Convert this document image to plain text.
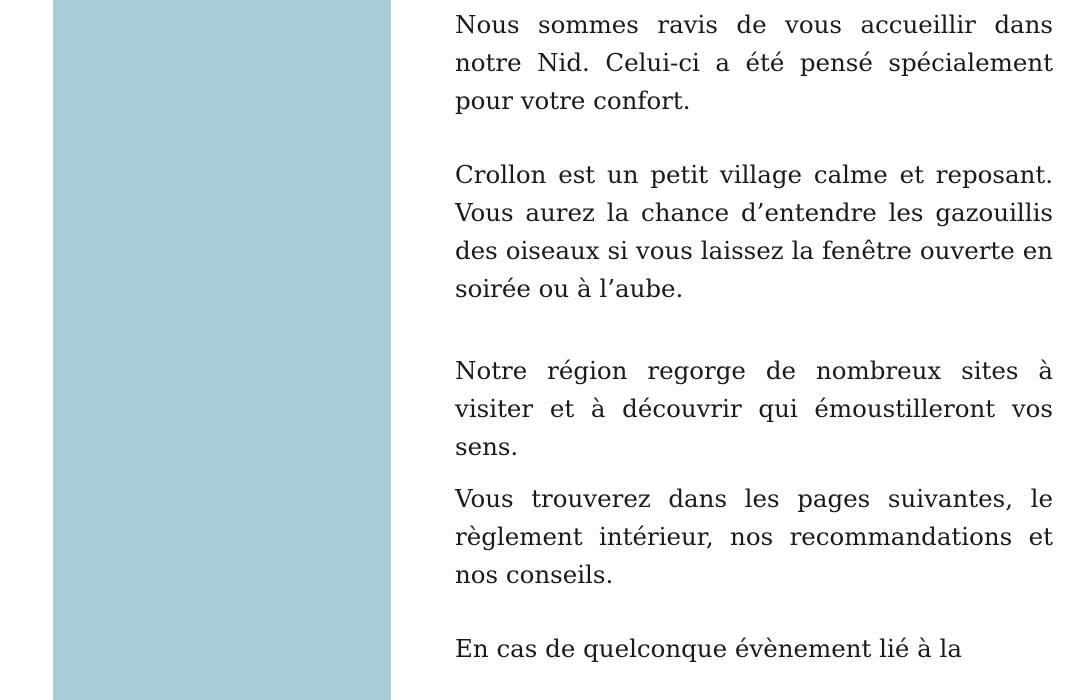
Nous sommes ravis de vous accueillir dans notre Nid. Celui-ci a été pensé spécialement pour votre confort.

Crollon est un petit village calme et reposant. Vous aurez la chance d’entendre les gazouillis des oiseaux si vous laissez la fenêtre ouverte en soirée ou à l’aube.

Notre région regorge de nombreux sites à visiter et à découvrir qui émoustilleront vos sens.

Vous trouverez dans les pages suivantes, le règlement intérieur, nos recommandations et nos conseils.

En cas de quelconque évènement lié à la
